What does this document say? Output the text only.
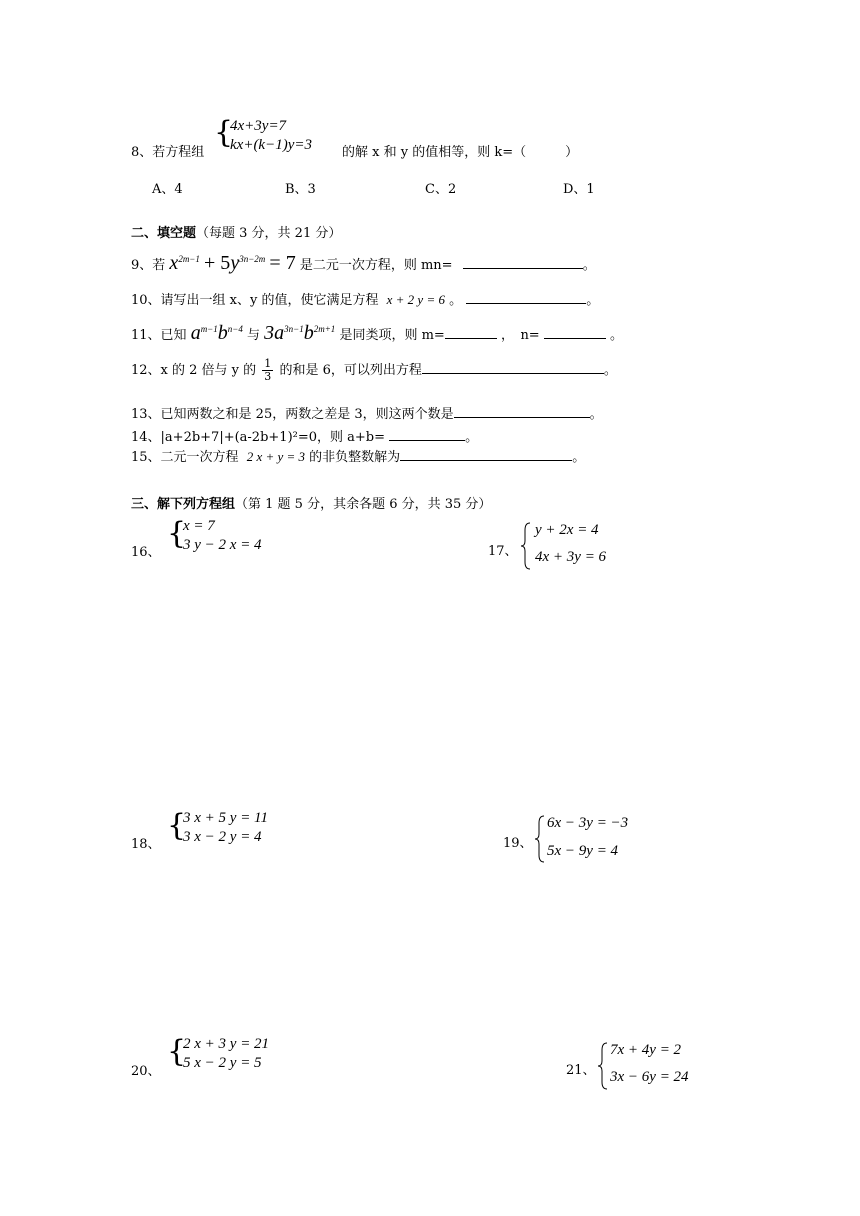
8、若方程组
{
4x+3y=7
kx+(k−1)y=3 的解 x 和 y 的值相等，则 k=（　　　）
A、4	B、3	C、2	D、1
二、填空题（每题 3 分，共 21 分）
9、若 $x^{2m-1} + 5y^{3n-2m} = 7$ 是二元一次方程，则 mn=	。
10、请写出一组 x、y 的值，使它满足方程 x + 2 y = 6 。	。
11、已知 $a^{m-1}b^{n-4}$ 与 $3a^{3n-1}b^{2m+1}$ 是同类项，则 m=	，　n=	。
12、x 的 2 倍与 y 的 $\frac{1}{3}$ 的和是 6，可以列出方程	。
13、已知两数之和是 25，两数之差是 3，则这两个数是	。
14、|a+2b+7|+(a-2b+1)²=0，则 a+b=	。
15、二元一次方程 2 x + y = 3 的非负整数解为	。
三、解下列方程组（第 1 题 5 分，其余各题 6 分，共 35 分）
16、
{
x = 7
3 y − 2 x = 4	17、
y + 2x = 4
4x + 3y = 6
18、
{
3 x + 5 y = 11
3 x − 2 y = 4	19、
6x − 3y = −3
5x − 9y = 4
20、
{
2 x + 3 y = 21
5 x − 2 y = 5	21、
7x + 4y = 2
3x − 6y = 24
